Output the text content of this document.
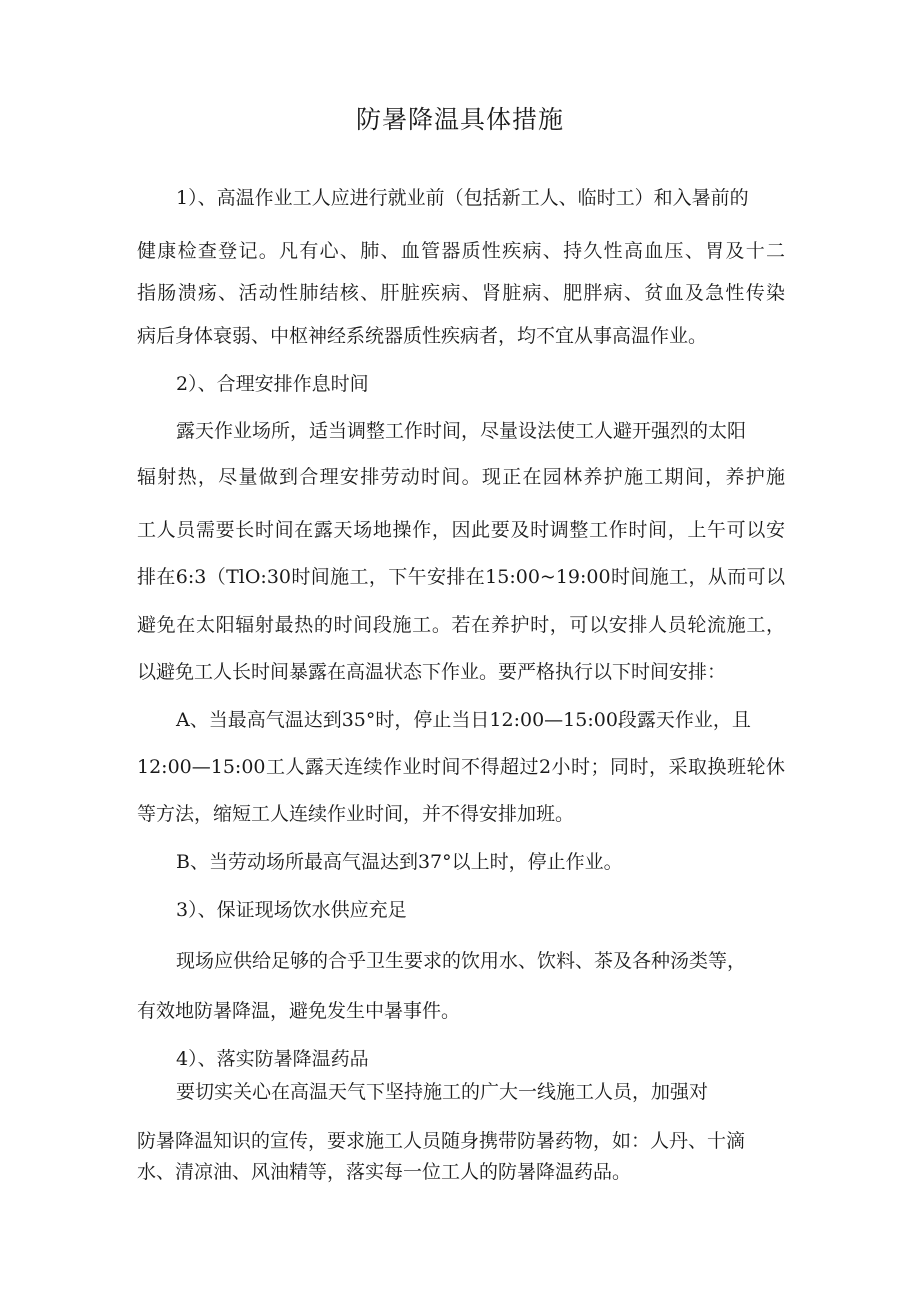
防暑降温具体措施
1）、高温作业工人应进行就业前（包括新工人、临时工）和入暑前的
健康检查登记。凡有心、肺、血管器质性疾病、持久性高血压、胃及十二
指肠溃疡、活动性肺结核、肝脏疾病、肾脏病、肥胖病、贫血及急性传染
病后身体衰弱、中枢神经系统器质性疾病者，均不宜从事高温作业。
2）、合理安排作息时间
露天作业场所，适当调整工作时间，尽量设法使工人避开强烈的太阳
辐射热，尽量做到合理安排劳动时间。现正在园林养护施工期间，养护施
工人员需要长时间在露天场地操作，因此要及时调整工作时间，上午可以安
排在6:3（TlO:30时间施工，下午安排在15:00~19:00时间施工，从而可以
避免在太阳辐射最热的时间段施工。若在养护时，可以安排人员轮流施工，
以避免工人长时间暴露在高温状态下作业。要严格执行以下时间安排：
A、当最高气温达到35°时，停止当日12:00—15:00段露天作业，且
12:00—15:00工人露天连续作业时间不得超过2小时；同时，采取换班轮休
等方法，缩短工人连续作业时间，并不得安排加班。
B、当劳动场所最高气温达到37°以上时，停止作业。
3）、保证现场饮水供应充足
现场应供给足够的合乎卫生要求的饮用水、饮料、茶及各种汤类等，
有效地防暑降温，避免发生中暑事件。
4）、落实防暑降温药品
要切实关心在高温天气下坚持施工的广大一线施工人员，加强对
防暑降温知识的宣传，要求施工人员随身携带防暑药物，如：人丹、十滴
水、清凉油、风油精等，落实每一位工人的防暑降温药品。
